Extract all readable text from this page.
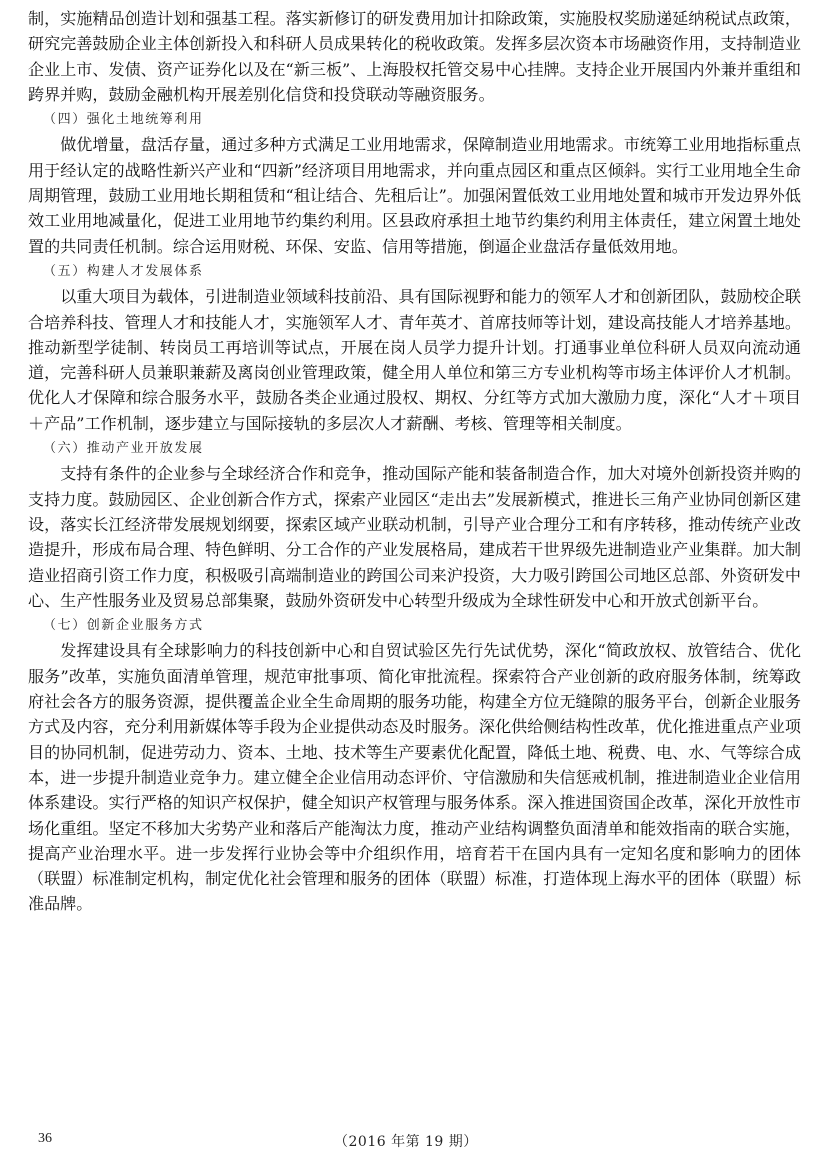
制，实施精品创造计划和强基工程。落实新修订的研发费用加计扣除政策，实施股权奖励递延纳税试点政策，研究完善鼓励企业主体创新投入和科研人员成果转化的税收政策。发挥多层次资本市场融资作用，支持制造业企业上市、发债、资产证券化以及在“新三板”、上海股权托管交易中心挂牌。支持企业开展国内外兼并重组和跨界并购，鼓励金融机构开展差别化信贷和投贷联动等融资服务。

（四）强化土地统筹利用

做优增量，盘活存量，通过多种方式满足工业用地需求，保障制造业用地需求。市统筹工业用地指标重点用于经认定的战略性新兴产业和“四新”经济项目用地需求，并向重点园区和重点区倾斜。实行工业用地全生命周期管理，鼓励工业用地长期租赁和“租让结合、先租后让”。加强闲置低效工业用地处置和城市开发边界外低效工业用地减量化，促进工业用地节约集约利用。区县政府承担土地节约集约利用主体责任，建立闲置土地处置的共同责任机制。综合运用财税、环保、安监、信用等措施，倒逼企业盘活存量低效用地。

（五）构建人才发展体系

以重大项目为载体，引进制造业领域科技前沿、具有国际视野和能力的领军人才和创新团队，鼓励校企联合培养科技、管理人才和技能人才，实施领军人才、青年英才、首席技师等计划，建设高技能人才培养基地。推动新型学徒制、转岗员工再培训等试点，开展在岗人员学力提升计划。打通事业单位科研人员双向流动通道，完善科研人员兼职兼薪及离岗创业管理政策，健全用人单位和第三方专业机构等市场主体评价人才机制。优化人才保障和综合服务水平，鼓励各类企业通过股权、期权、分红等方式加大激励力度，深化“人才＋项目＋产品”工作机制，逐步建立与国际接轨的多层次人才薪酬、考核、管理等相关制度。

（六）推动产业开放发展

支持有条件的企业参与全球经济合作和竞争，推动国际产能和装备制造合作，加大对境外创新投资并购的支持力度。鼓励园区、企业创新合作方式，探索产业园区“走出去”发展新模式，推进长三角产业协同创新区建设，落实长江经济带发展规划纲要，探索区域产业联动机制，引导产业合理分工和有序转移，推动传统产业改造提升，形成布局合理、特色鲜明、分工合作的产业发展格局，建成若干世界级先进制造业产业集群。加大制造业招商引资工作力度，积极吸引高端制造业的跨国公司来沪投资，大力吸引跨国公司地区总部、外资研发中心、生产性服务业及贸易总部集聚，鼓励外资研发中心转型升级成为全球性研发中心和开放式创新平台。

（七）创新企业服务方式

发挥建设具有全球影响力的科技创新中心和自贸试验区先行先试优势，深化“简政放权、放管结合、优化服务”改革，实施负面清单管理，规范审批事项、简化审批流程。探索符合产业创新的政府服务体制，统筹政府社会各方的服务资源，提供覆盖企业全生命周期的服务功能，构建全方位无缝隙的服务平台，创新企业服务方式及内容，充分利用新媒体等手段为企业提供动态及时服务。深化供给侧结构性改革，优化推进重点产业项目的协同机制，促进劳动力、资本、土地、技术等生产要素优化配置，降低土地、税费、电、水、气等综合成本，进一步提升制造业竞争力。建立健全企业信用动态评价、守信激励和失信惩戒机制，推进制造业企业信用体系建设。实行严格的知识产权保护，健全知识产权管理与服务体系。深入推进国资国企改革，深化开放性市场化重组。坚定不移加大劣势产业和落后产能淘汰力度，推动产业结构调整负面清单和能效指南的联合实施，提高产业治理水平。进一步发挥行业协会等中介组织作用，培育若干在国内具有一定知名度和影响力的团体（联盟）标准制定机构，制定优化社会管理和服务的团体（联盟）标准，打造体现上海水平的团体（联盟）标准品牌。

36	（2016 年第 19 期）
